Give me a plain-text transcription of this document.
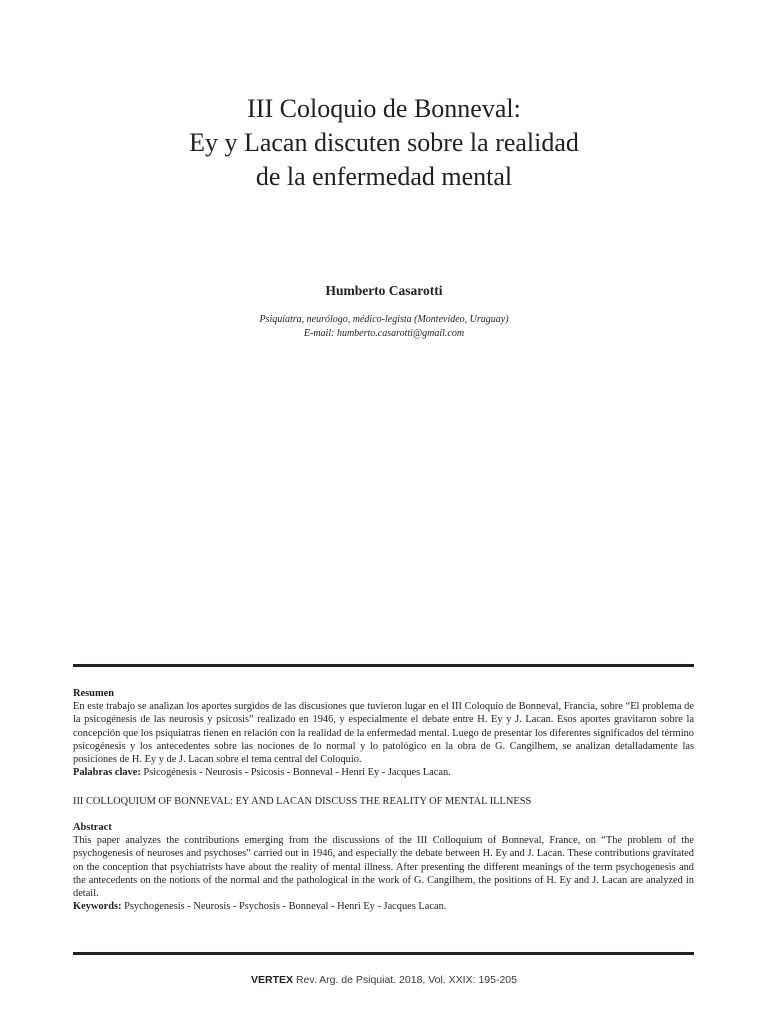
III Coloquio de Bonneval:
Ey y Lacan discuten sobre la realidad
de la enfermedad mental
Humberto Casarotti
Psiquiatra, neurólogo, médico-legista (Montevideo, Uruguay)
E-mail: humberto.casarotti@gmail.com
Resumen
En este trabajo se analizan los aportes surgidos de las discusiones que tuvieron lugar en el III Coloquio de Bonneval, Francia, sobre “El problema de la psicogénesis de las neurosis y psicosis” realizado en 1946, y especialmente el debate entre H. Ey y J. Lacan. Esos aportes gravitaron sobre la concepción que los psiquiatras tienen en relación con la realidad de la enfermedad mental. Luego de presentar los diferentes significados del término psicogénesis y los antecedentes sobre las nociones de lo normal y lo patológico en la obra de G. Cangilhem, se analizan detalladamente las posiciones de H. Ey y de J. Lacan sobre el tema central del Coloquio.
Palabras clave: Psicogénesis - Neurosis - Psicosis - Bonneval - Henri Ey - Jacques Lacan.
III COLLOQUIUM OF BONNEVAL: EY AND LACAN DISCUSS THE REALITY OF MENTAL ILLNESS
Abstract
This paper analyzes the contributions emerging from the discussions of the III Colloquium of Bonneval, France, on “The problem of the psychogenesis of neuroses and psychoses” carried out in 1946, and especially the debate between H. Ey and J. Lacan. These contributions gravitated on the conception that psychiatrists have about the reality of mental illness. After presenting the different meanings of the term psychogenesis and the antecedents on the notions of the normal and the pathological in the work of G. Cangilhem, the positions of H. Ey and J. Lacan are analyzed in detail.
Keywords: Psychogenesis - Neurosis - Psychosis - Bonneval - Henri Ey - Jacques Lacan.
VERTEX Rev. Arg. de Psiquiat. 2018, Vol. XXIX: 195-205
